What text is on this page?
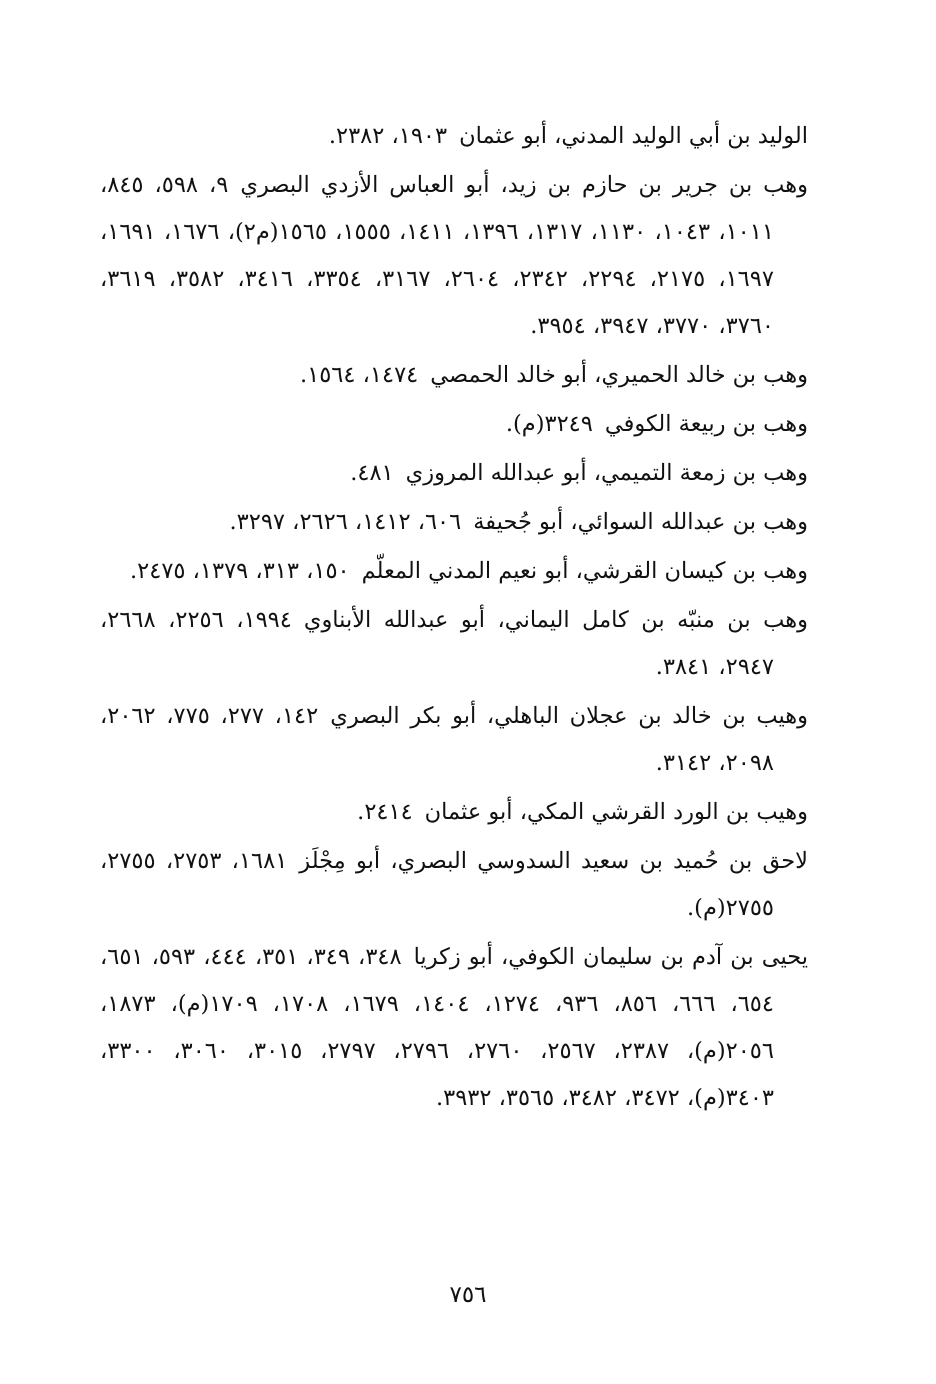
الوليد بن أبي الوليد المدني، أبو عثمان١٩٠٣، ٢٣٨٢.
وهب بن جرير بن حازم بن زيد، أبو العباس الأزدي البصري٩، ٥٩٨، ٨٤٥، ١٠١١، ١٠٤٣، ١١٣٠، ١٣١٧، ١٣٩٦، ١٤١١، ١٥٥٥، ١٥٦٥(م٢)، ١٦٧٦، ١٦٩١، ١٦٩٧، ٢١٧٥، ٢٢٩٤، ٢٣٤٢، ٢٦٠٤، ٣١٦٧، ٣٣٥٤، ٣٤١٦، ٣٥٨٢، ٣٦١٩، ٣٧٦٠، ٣٧٧٠، ٣٩٤٧، ٣٩٥٤.
وهب بن خالد الحميري، أبو خالد الحمصي١٤٧٤، ١٥٦٤.
وهب بن ربيعة الكوفي٣٢٤٩(م).
وهب بن زمعة التميمي، أبو عبدالله المروزي٤٨١.
وهب بن عبدالله السوائي، أبو جُحيفة٦٠٦، ١٤١٢، ٢٦٢٦، ٣٢٩٧.
وهب بن كيسان القرشي، أبو نعيم المدني المعلّم١٥٠، ٣١٣، ١٣٧٩، ٢٤٧٥.
وهب بن منبّه بن كامل اليماني، أبو عبدالله الأبناوي١٩٩٤، ٢٢٥٦، ٢٦٦٨، ٢٩٤٧، ٣٨٤١.
وهيب بن خالد بن عجلان الباهلي، أبو بكر البصري١٤٢، ٢٧٧، ٧٧٥، ٢٠٦٢، ٢٠٩٨، ٣١٤٢.
وهيب بن الورد القرشي المكي، أبو عثمان٢٤١٤.
لاحق بن حُميد بن سعيد السدوسي البصري، أبو مِجْلَز١٦٨١، ٢٧٥٣، ٢٧٥٥، ٢٧٥٥(م).
يحيى بن آدم بن سليمان الكوفي، أبو زكريا٣٤٨، ٣٤٩، ٣٥١، ٤٤٤، ٥٩٣، ٦٥١، ٦٥٤، ٦٦٦، ٨٥٦، ٩٣٦، ١٢٧٤، ١٤٠٤، ١٦٧٩، ١٧٠٨، ١٧٠٩(م)، ١٨٧٣، ٢٠٥٦(م)، ٢٣٨٧، ٢٥٦٧، ٢٧٦٠، ٢٧٩٦، ٢٧٩٧، ٣٠١٥، ٣٠٦٠، ٣٣٠٠، ٣٤٠٣(م)، ٣٤٧٢، ٣٤٨٢، ٣٥٦٥، ٣٩٣٢.
٧٥٦
